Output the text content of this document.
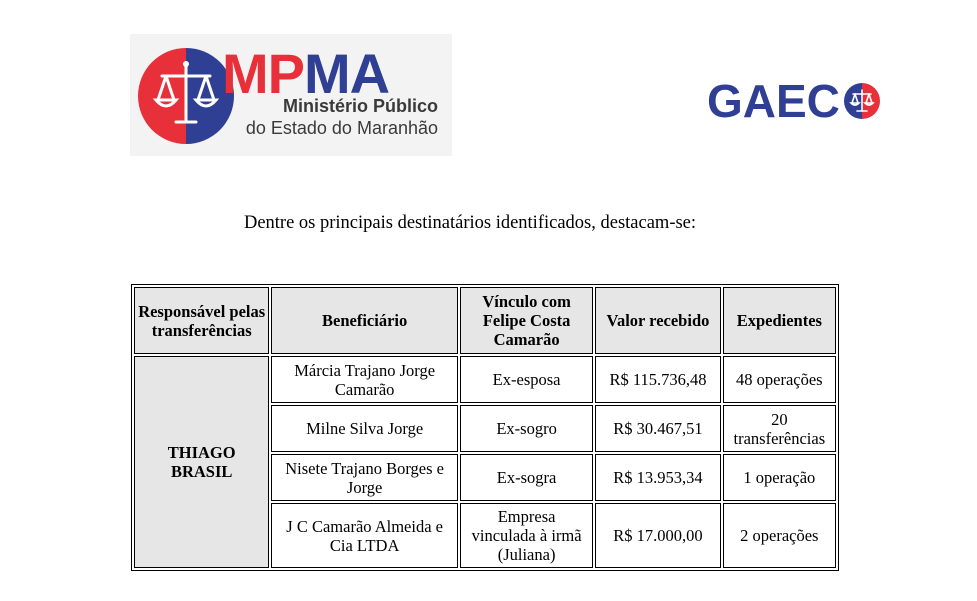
MPMA
Ministério Público
do Estado do Maranhão
GAEC
Dentre os principais destinatários identificados, destacam-se:
Responsável pelas transferências	Beneficiário	Vínculo com Felipe Costa Camarão	Valor recebido	Expedientes
THIAGO BRASIL	Márcia Trajano Jorge Camarão	Ex-esposa	R$ 115.736,48	48 operações
	Milne Silva Jorge	Ex-sogro	R$ 30.467,51	20 transferências
	Nisete Trajano Borges e Jorge	Ex-sogra	R$ 13.953,34	1 operação
	J C Camarão Almeida e Cia LTDA	Empresa vinculada à irmã (Juliana)	R$ 17.000,00	2 operações
